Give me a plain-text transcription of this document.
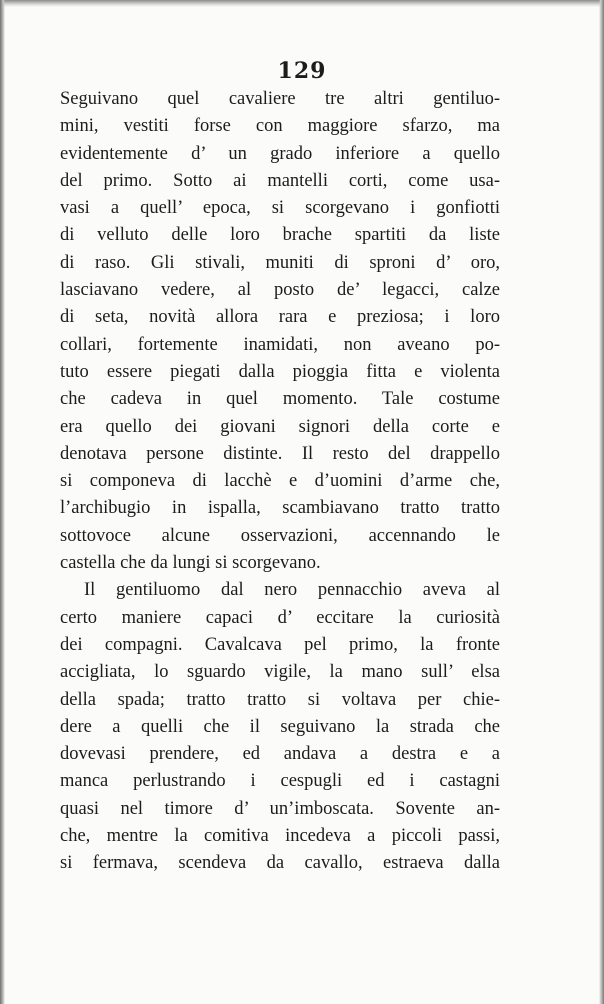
129
Seguivano quel cavaliere tre altri gentiluo-
mini, vestiti forse con maggiore sfarzo, ma
evidentemente d’ un grado inferiore a quello
del primo. Sotto ai mantelli corti, come usa-
vasi a quell’ epoca, si scorgevano i gonfiotti
di velluto delle loro brache spartiti da liste
di raso. Gli stivali, muniti di sproni d’ oro,
lasciavano vedere, al posto de’ legacci, calze
di seta, novità allora rara e preziosa; i loro
collari, fortemente inamidati, non aveano po-
tuto essere piegati dalla pioggia fitta e violenta
che cadeva in quel momento. Tale costume
era quello dei giovani signori della corte e
denotava persone distinte. Il resto del drappello
si componeva di lacchè e d’uomini d’arme che,
l’archibugio in ispalla, scambiavano tratto tratto
sottovoce alcune osservazioni, accennando le
castella che da lungi si scorgevano.
Il gentiluomo dal nero pennacchio aveva al
certo maniere capaci d’ eccitare la curiosità
dei compagni. Cavalcava pel primo, la fronte
accigliata, lo sguardo vigile, la mano sull’ elsa
della spada; tratto tratto si voltava per chie-
dere a quelli che il seguivano la strada che
dovevasi prendere, ed andava a destra e a
manca perlustrando i cespugli ed i castagni
quasi nel timore d’ un’imboscata. Sovente an-
che, mentre la comitiva incedeva a piccoli passi,
si fermava, scendeva da cavallo, estraeva dalla
